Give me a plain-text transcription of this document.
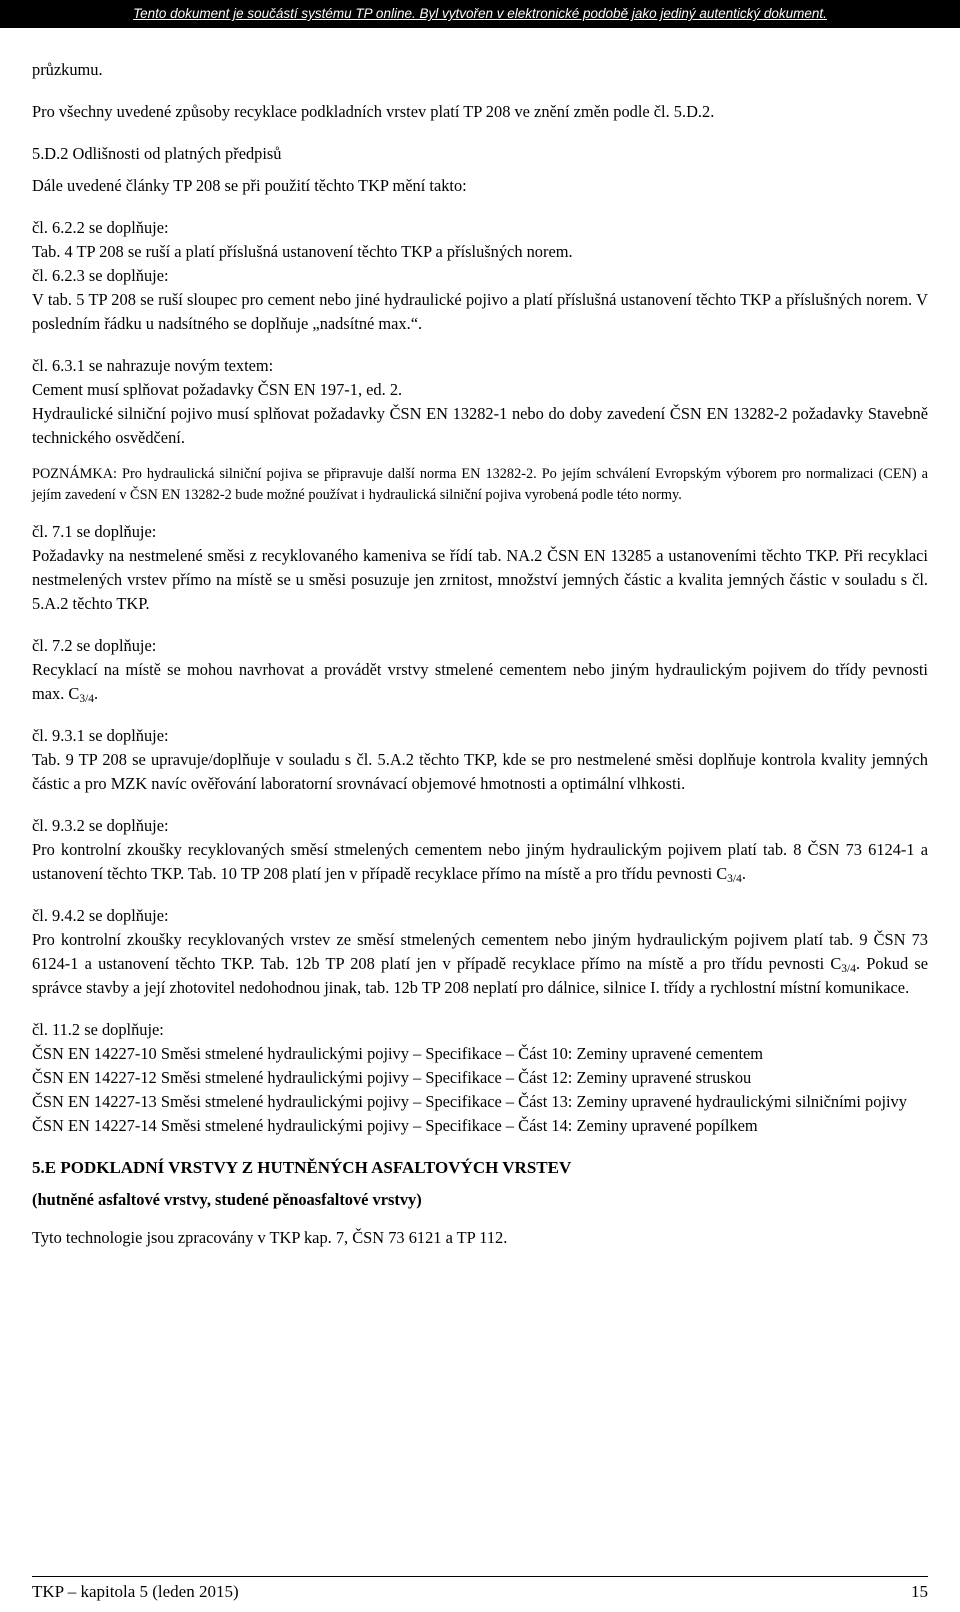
Tento dokument je součástí systému TP online. Byl vytvořen v elektronické podobě jako jediný autentický dokument.

průzkumu.

Pro všechny uvedené způsoby recyklace podkladních vrstev platí TP 208 ve znění změn podle čl. 5.D.2.

5.D.2 Odlišnosti od platných předpisů

Dále uvedené články TP 208 se při použití těchto TKP mění takto:

čl. 6.2.2 se doplňuje:

Tab. 4 TP 208 se ruší a platí příslušná ustanovení těchto TKP a příslušných norem.

čl. 6.2.3 se doplňuje:

V tab. 5 TP 208 se ruší sloupec pro cement nebo jiné hydraulické pojivo a platí příslušná ustanovení těchto TKP a příslušných norem. V posledním řádku u nadsítného se doplňuje „nadsítné max.“.

čl. 6.3.1 se nahrazuje novým textem:

Cement musí splňovat požadavky ČSN EN 197-1, ed. 2.

Hydraulické silniční pojivo musí splňovat požadavky ČSN EN 13282-1 nebo do doby zavedení ČSN EN 13282-2 požadavky Stavebně technického osvědčení.

POZNÁMKA: Pro hydraulická silniční pojiva se připravuje další norma EN 13282-2. Po jejím schválení Evropským výborem pro normalizaci (CEN) a jejím zavedení v ČSN EN 13282-2 bude možné používat i hydraulická silniční pojiva vyrobená podle této normy.

čl. 7.1 se doplňuje:

Požadavky na nestmelené směsi z recyklovaného kameniva se řídí tab. NA.2 ČSN EN 13285 a ustanoveními těchto TKP. Při recyklaci nestmelených vrstev přímo na místě se u směsi posuzuje jen zrnitost, množství jemných částic a kvalita jemných částic v souladu s čl. 5.A.2 těchto TKP.

čl. 7.2 se doplňuje:

Recyklací na místě se mohou navrhovat a provádět vrstvy stmelené cementem nebo jiným hydraulickým pojivem do třídy pevnosti max. $C_{3/4}$.

čl. 9.3.1 se doplňuje:

Tab. 9 TP 208 se upravuje/doplňuje v souladu s čl. 5.A.2 těchto TKP, kde se pro nestmelené směsi doplňuje kontrola kvality jemných částic a pro MZK navíc ověřování laboratorní srovnávací objemové hmotnosti a optimální vlhkosti.

čl. 9.3.2 se doplňuje:

Pro kontrolní zkoušky recyklovaných směsí stmelených cementem nebo jiným hydraulickým pojivem platí tab. 8 ČSN 73 6124-1 a ustanovení těchto TKP. Tab. 10 TP 208 platí jen v případě recyklace přímo na místě a pro třídu pevnosti $C_{3/4}$.

čl. 9.4.2 se doplňuje:

Pro kontrolní zkoušky recyklovaných vrstev ze směsí stmelených cementem nebo jiným hydraulickým pojivem platí tab. 9 ČSN 73 6124-1 a ustanovení těchto TKP. Tab. 12b TP 208 platí jen v případě recyklace přímo na místě a pro třídu pevnosti $C_{3/4}$. Pokud se správce stavby a její zhotovitel nedohodnou jinak, tab. 12b TP 208 neplatí pro dálnice, silnice I. třídy a rychlostní místní komunikace.

čl. 11.2 se doplňuje:

ČSN EN 14227-10 Směsi stmelené hydraulickými pojivy – Specifikace – Část 10: Zeminy upravené cementem

ČSN EN 14227-12 Směsi stmelené hydraulickými pojivy – Specifikace – Část 12: Zeminy upravené struskou

ČSN EN 14227-13 Směsi stmelené hydraulickými pojivy – Specifikace – Část 13: Zeminy upravené hydraulickými silničními pojivy

ČSN EN 14227-14 Směsi stmelené hydraulickými pojivy – Specifikace – Část 14: Zeminy upravené popílkem

5.E PODKLADNÍ VRSTVY Z HUTNĚNÝCH ASFALTOVÝCH VRSTEV

(hutněné asfaltové vrstvy, studené pěnoasfaltové vrstvy)

Tyto technologie jsou zpracovány v TKP kap. 7, ČSN 73 6121 a TP 112.

TKP – kapitola 5 (leden 2015)	15
